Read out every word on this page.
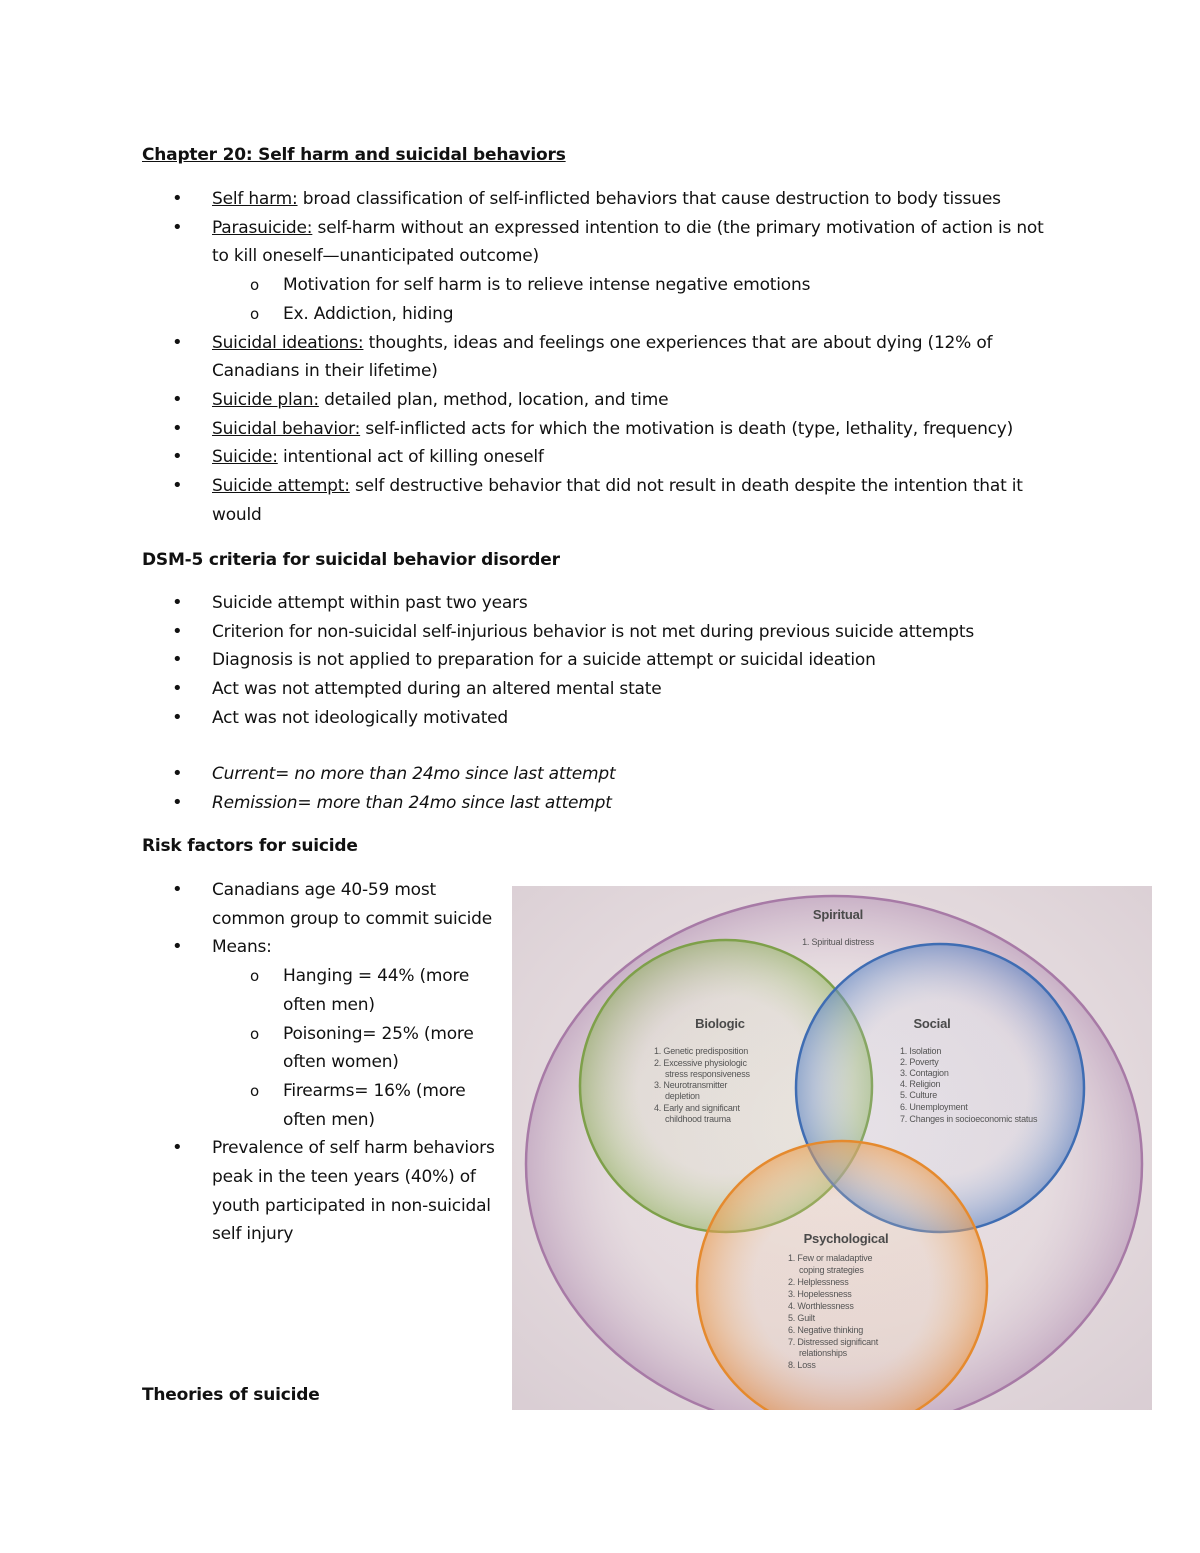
Chapter 20: Self harm and suicidal behaviors

• Self harm: broad classification of self-inflicted behaviors that cause destruction to body tissues
• Parasuicide: self-harm without an expressed intention to die (the primary motivation of action is not to kill oneself—unanticipated outcome)
o Motivation for self harm is to relieve intense negative emotions
o Ex. Addiction, hiding
• Suicidal ideations: thoughts, ideas and feelings one experiences that are about dying (12% of Canadians in their lifetime)
• Suicide plan: detailed plan, method, location, and time
• Suicidal behavior: self-inflicted acts for which the motivation is death (type, lethality, frequency)
• Suicide: intentional act of killing oneself
• Suicide attempt: self destructive behavior that did not result in death despite the intention that it would

DSM-5 criteria for suicidal behavior disorder

• Suicide attempt within past two years
• Criterion for non-suicidal self-injurious behavior is not met during previous suicide attempts
• Diagnosis is not applied to preparation for a suicide attempt or suicidal ideation
• Act was not attempted during an altered mental state
• Act was not ideologically motivated
• Current= no more than 24mo since last attempt
• Remission= more than 24mo since last attempt

Risk factors for suicide

• Canadians age 40-59 most common group to commit suicide
• Means:
o Hanging = 44% (more often men)
o Poisoning= 25% (more often women)
o Firearms= 16% (more often men)
• Prevalence of self harm behaviors peak in the teen years (40%) of youth participated in non-suicidal self injury

Theories of suicide

Spiritual
1. Spiritual distress
Biologic
1. Genetic predisposition
2. Excessive physiologic
stress responsiveness
3. Neurotransmitter
depletion
4. Early and significant
childhood trauma
Social
1. Isolation
2. Poverty
3. Contagion
4. Religion
5. Culture
6. Unemployment
7. Changes in socioeconomic status
Psychological
1. Few or maladaptive
coping strategies
2. Helplessness
3. Hopelessness
4. Worthlessness
5. Guilt
6. Negative thinking
7. Distressed significant
relationships
8. Loss
